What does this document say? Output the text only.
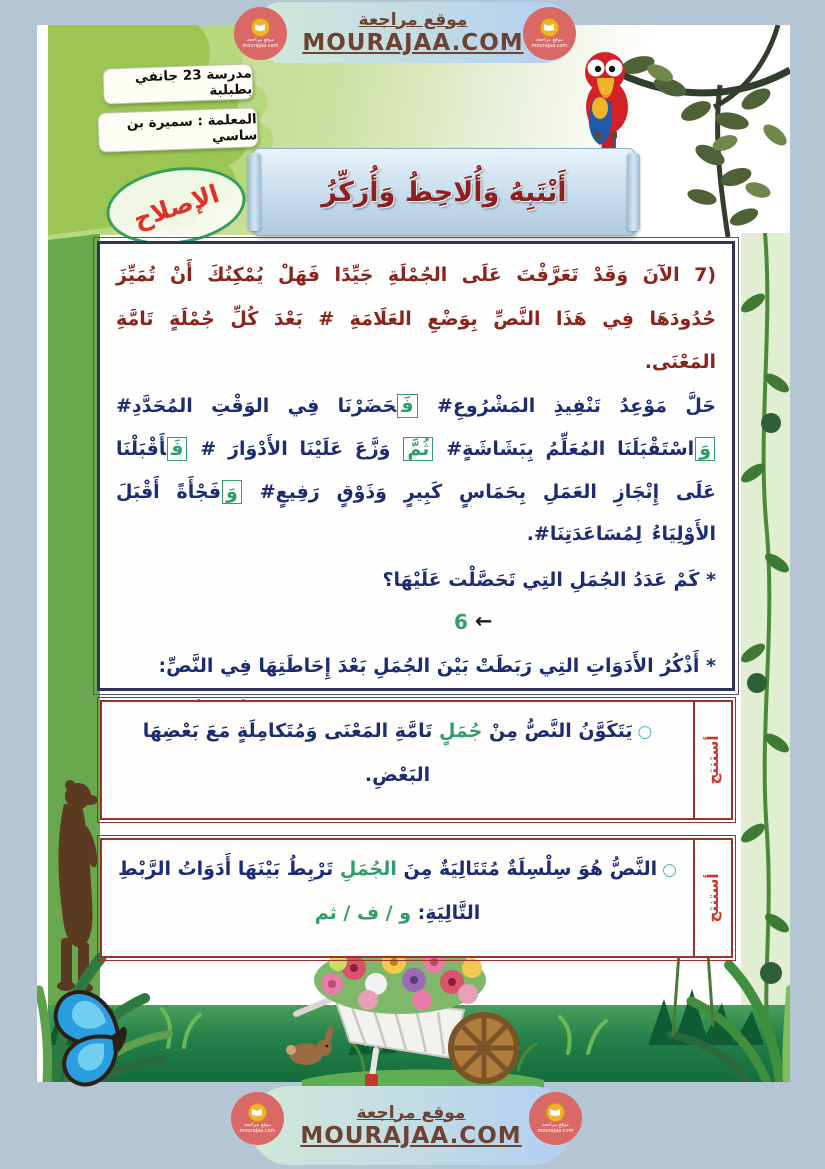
موقع مراجعة
MOURAJAA.COM
موقع مراجعة
mourajaa.com
موقع مراجعة
mourajaa.com
مدرسة 23 جانفي بطبلبة
المعلمة : سميرة بن ساسي
أَنْتَبِهُ وَأُلَاحِظُ وَأُرَكِّزُ
الإصلاح
7) الآنَ وَقَدْ تَعَرَّفْتَ عَلَى الجُمْلَةِ جَيِّدًا فَهَلْ يُمْكِنُكَ أَنْ تُمَيِّزَ حُدُودَهَا فِي هَذَا النَّصِّ بِوَضْعِ العَلَامَةِ # بَعْدَ كُلِّ جُمْلَةٍ تَامَّةِ المَعْنَى.
حَلَّ مَوْعِدُ تَنْفِيذِ المَشْرُوعِ# فَحَضَرْنَا فِي الوَقْتِ المُحَدَّدِ# وَاسْتَقْبَلَنَا المُعَلِّمُ بِبَشَاشَةٍ# ثُمَّ وَزَّعَ عَلَيْنَا الأَدْوَارَ # فَأَقْبَلْنَا عَلَى إِنْجَازِ العَمَلِ بِحَمَاسٍ كَبِيرٍ وَذَوْقٍ رَفِيعٍ# وَفَجْأَةً أَقْبَلَ الأَوْلِيَاءُ لِمُسَاعَدَتِنَا#.
* كَمْ عَدَدُ الجُمَلِ التِي تَحَصَّلْت عَلَيْهَا؟
6 ←
* أَذْكُرُ الأَدَوَاتِ التِي رَبَطَتْ بَيْنَ الجُمَلِ بَعْدَ إِحَاطَتِهَا فِي النَّصِّ:
○يَتَكَوَّنُ النَّصُّ مِنْ جُمَلٍ تَامَّةِ المَعْنَى وَمُتَكامِلَةٍ مَعَ بَعْضِهَا البَعْضِ.	أستنتج
○النَّصُّ هُوَ سِلْسِلَةٌ مُتَتَالِيَةٌ مِنَ الجُمَلِ تَرْبِطُ بَيْنَهَا أَدَوَاتُ الرَّبْطِ التَّالِيَةِ: و / ف / ثم	أستنتج
موقع مراجعة
MOURAJAA.COM
موقع مراجعة
mourajaa.com
موقع مراجعة
mourajaa.com
